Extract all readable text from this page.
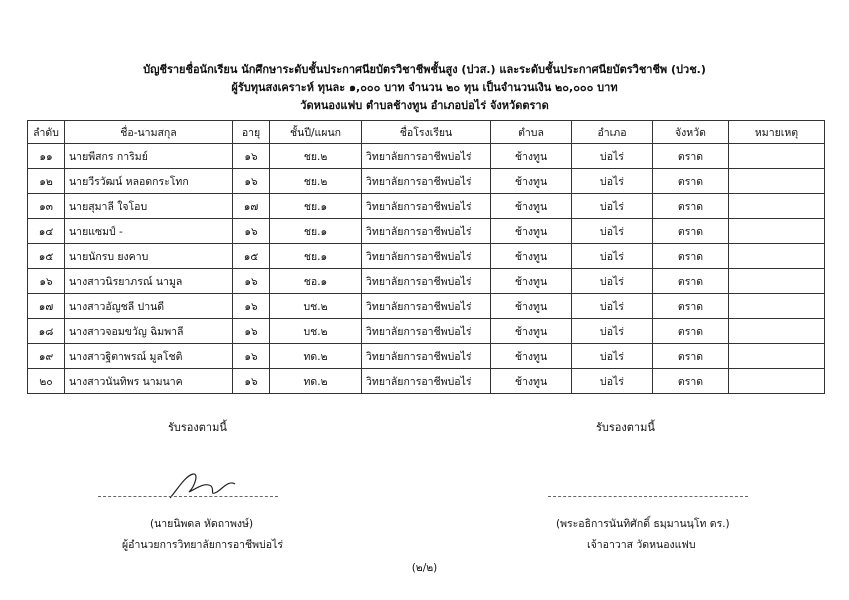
บัญชีรายชื่อนักเรียน นักศึกษาระดับชั้นประกาศนียบัตรวิชาชีพชั้นสูง (ปวส.) และระดับชั้นประกาศนียบัตรวิชาชีพ (ปวช.)
ผู้รับทุนสงเคราะห์ ทุนละ ๑,๐๐๐ บาท จำนวน ๒๐ ทุน เป็นจำนวนเงิน ๒๐,๐๐๐ บาท
วัดหนองแฟบ ตำบลช้างทูน อำเภอบ่อไร่ จังหวัดตราด
ลำดับ	ชื่อ-นามสกุล	อายุ	ชั้นปี/แผนก	ชื่อโรงเรียน	ตำบล	อำเภอ	จังหวัด	หมายเหตุ
๑๑	นายพีสกร การิมย์	๑๖	ชย.๒	วิทยาลัยการอาชีพบ่อไร่	ช้างทูน	บ่อไร่	ตราด	
๑๒	นายวีรวัฒน์ หลอดกระโทก	๑๖	ชย.๒	วิทยาลัยการอาชีพบ่อไร่	ช้างทูน	บ่อไร่	ตราด	
๑๓	นายสุมาลี ใจโอบ	๑๗	ชย.๑	วิทยาลัยการอาชีพบ่อไร่	ช้างทูน	บ่อไร่	ตราด	
๑๔	นายแซมป์ -	๑๖	ชย.๑	วิทยาลัยการอาชีพบ่อไร่	ช้างทูน	บ่อไร่	ตราด	
๑๕	นายนักรบ ยงคาบ	๑๕	ชย.๑	วิทยาลัยการอาชีพบ่อไร่	ช้างทูน	บ่อไร่	ตราด	
๑๖	นางสาวนิรยาภรณ์ นามูล	๑๖	ชอ.๑	วิทยาลัยการอาชีพบ่อไร่	ช้างทูน	บ่อไร่	ตราด	
๑๗	นางสาวอัญชลี ปานดี	๑๖	บช.๒	วิทยาลัยการอาชีพบ่อไร่	ช้างทูน	บ่อไร่	ตราด	
๑๘	นางสาวจอมขวัญ ฉิมพาลี	๑๖	บช.๒	วิทยาลัยการอาชีพบ่อไร่	ช้างทูน	บ่อไร่	ตราด	
๑๙	นางสาวฐิตาพรณ์ มูลโชติ	๑๖	ทด.๒	วิทยาลัยการอาชีพบ่อไร่	ช้างทูน	บ่อไร่	ตราด	
๒๐	นางสาวนันทิพร นามนาค	๑๖	ทด.๒	วิทยาลัยการอาชีพบ่อไร่	ช้างทูน	บ่อไร่	ตราด	
รับรองตามนี้	รับรองตามนี้
(นายนิพดล หัดถาพงษ์)
ผู้อำนวยการวิทยาลัยการอาชีพบ่อไร่
(พระอธิการนันทิศักดิ์ ธมฺมานนฺโท ดร.)
เจ้าอาวาส วัดหนองแฟบ
(๒/๒)
